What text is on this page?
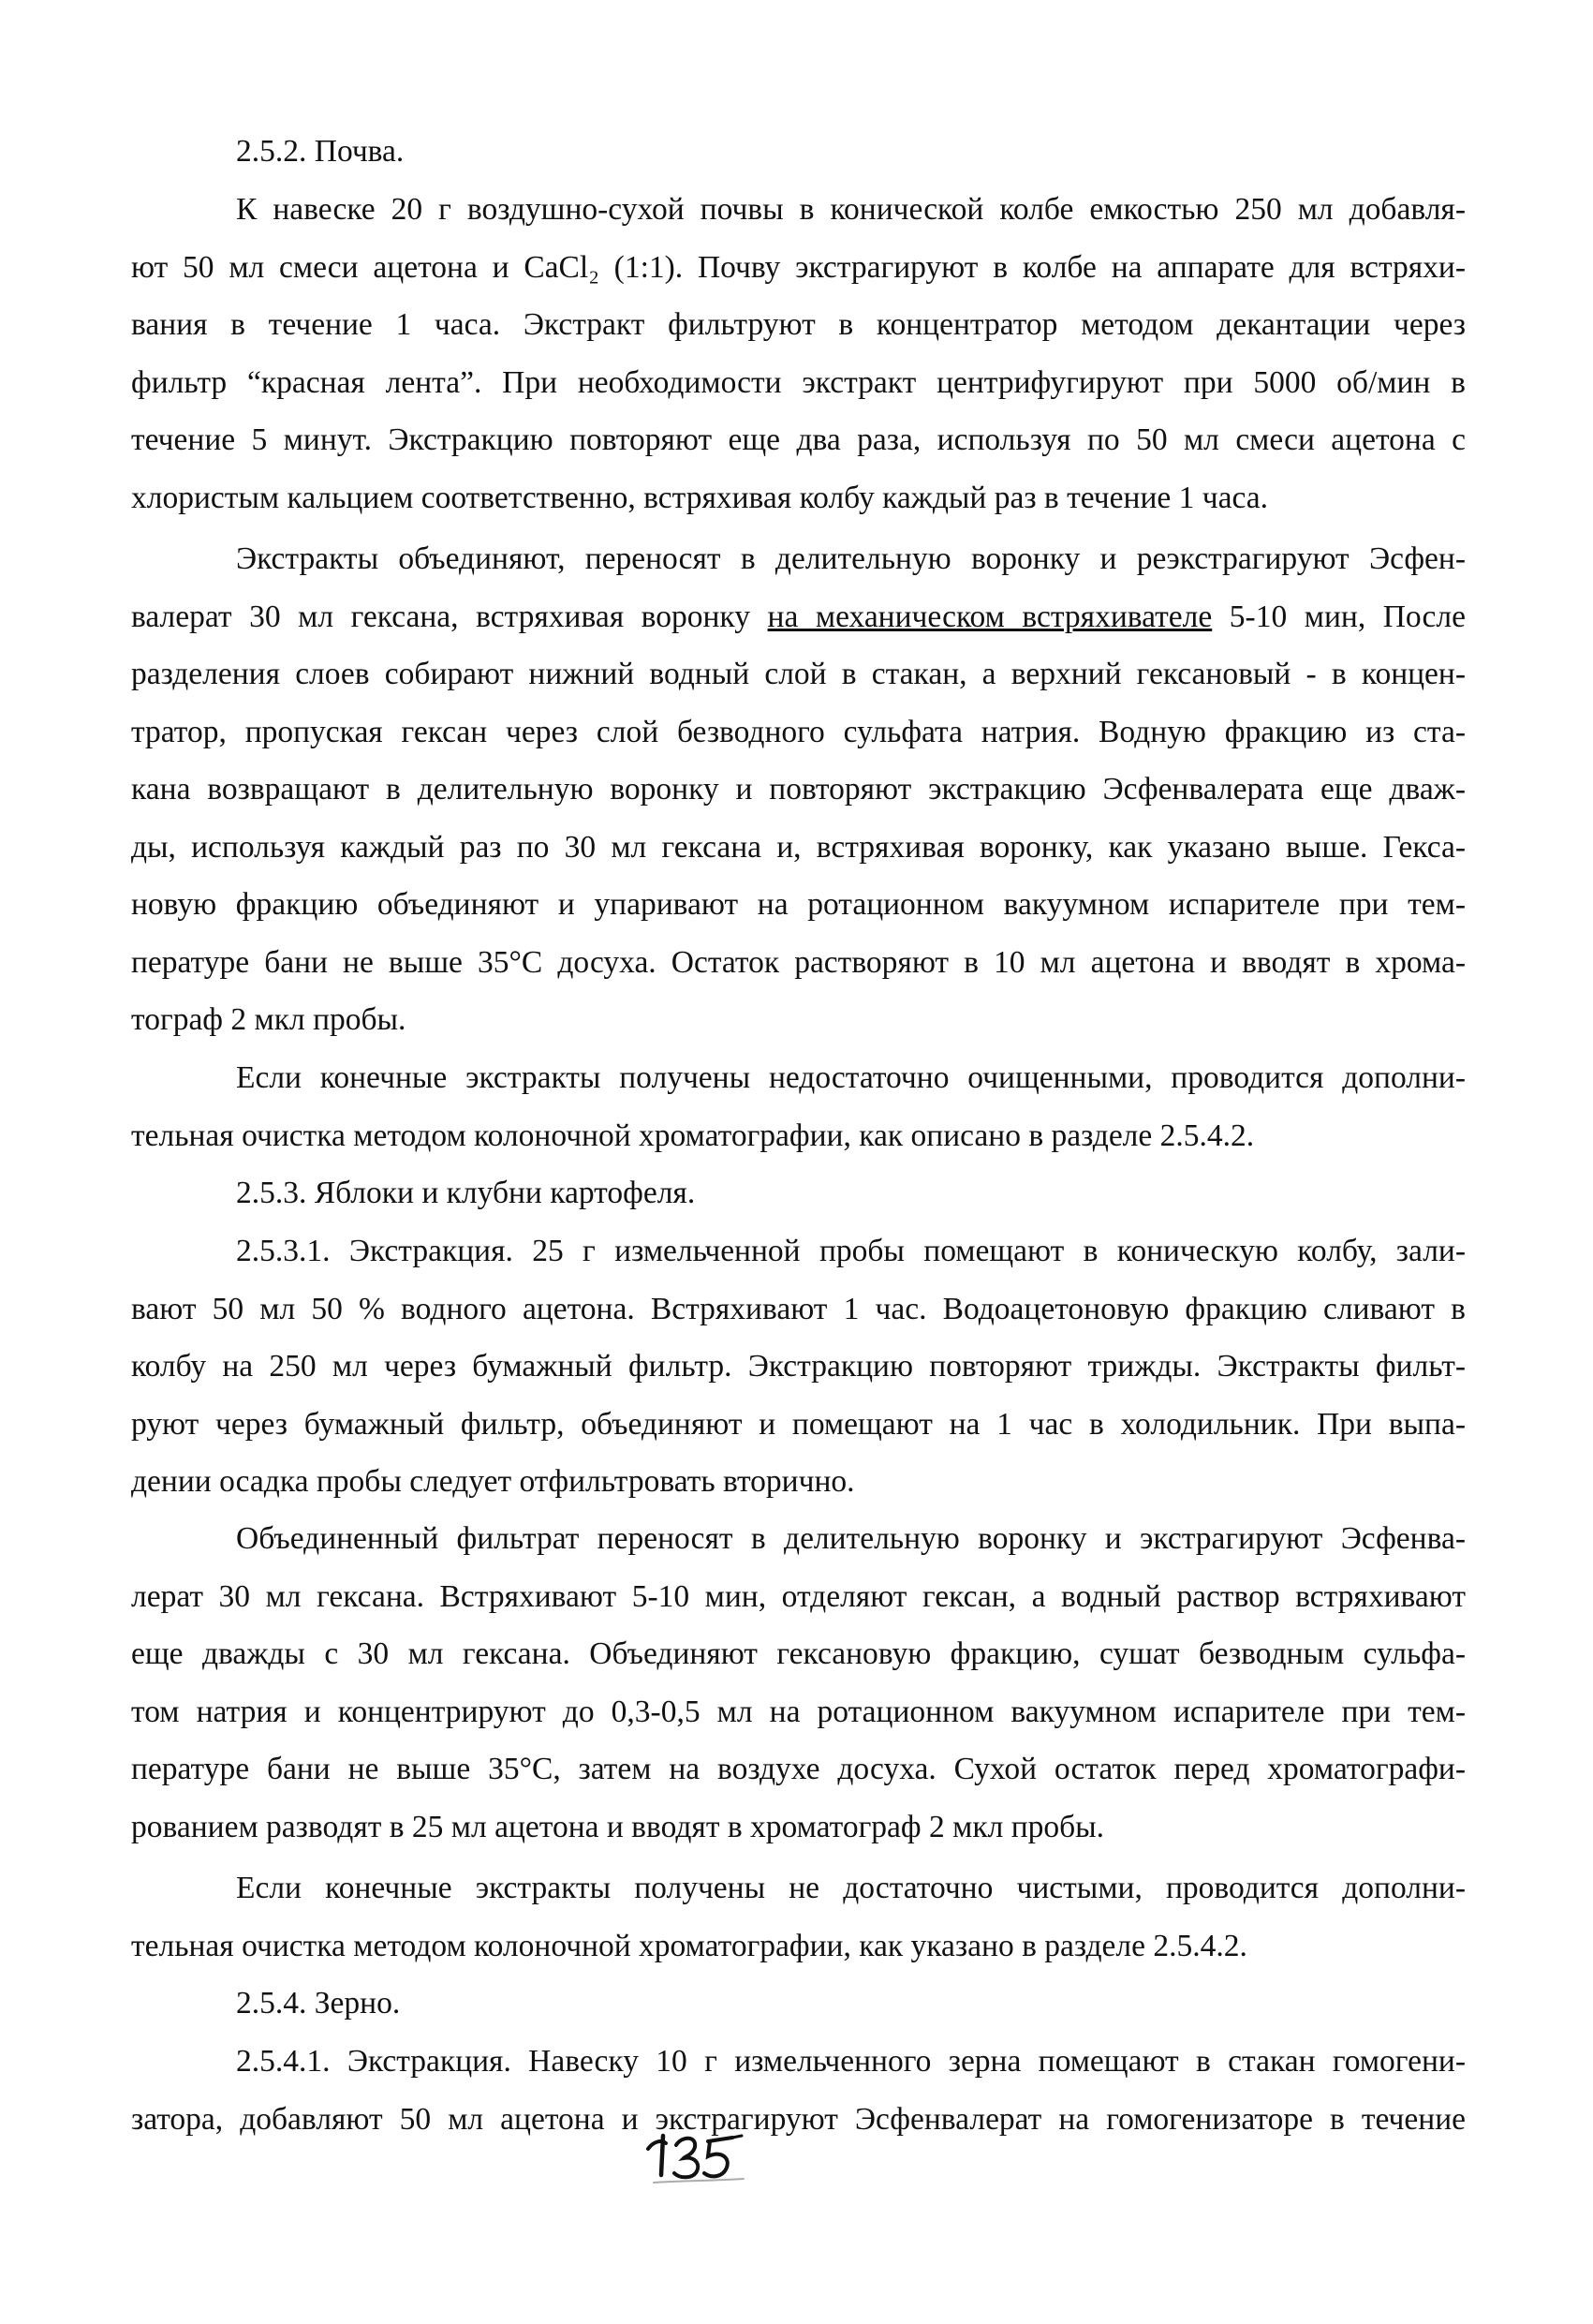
2.5.2. Почва.

К навеске 20 г воздушно-сухой почвы в конической колбе емкостью 250 мл добавля-

ют 50 мл смеси ацетона и CaCl₂ (1:1). Почву экстрагируют в колбе на аппарате для встряхи-

вания в течение 1 часа. Экстракт фильтруют в концентратор методом декантации через

фильтр “красная лента”. При необходимости экстракт центрифугируют при 5000 об/мин в

течение 5 минут. Экстракцию повторяют еще два раза, используя по 50 мл смеси ацетона с

хлористым кальцием соответственно, встряхивая колбу каждый раз в течение 1 часа.

Экстракты объединяют, переносят в делительную воронку и реэкстрагируют Эсфен-

валерат 30 мл гексана, встряхивая воронку на механическом встряхивателе 5-10 мин, После

разделения слоев собирают нижний водный слой в стакан, а верхний гексановый - в концен-

тратор, пропуская гексан через слой безводного сульфата натрия. Водную фракцию из ста-

кана возвращают в делительную воронку и повторяют экстракцию Эсфенвалерата еще дваж-

ды, используя каждый раз по 30 мл гексана и, встряхивая воронку, как указано выше. Гекса-

новую фракцию объединяют и упаривают на ротационном вакуумном испарителе при тем-

пературе бани не выше 35°С досуха. Остаток растворяют в 10 мл ацетона и вводят в хрома-

тограф 2 мкл пробы.

Если конечные экстракты получены недостаточно очищенными, проводится дополни-

тельная очистка методом колоночной хроматографии, как описано в разделе 2.5.4.2.

2.5.3. Яблоки и клубни картофеля.

2.5.3.1. Экстракция. 25 г измельченной пробы помещают в коническую колбу, зали-

вают 50 мл 50 % водного ацетона. Встряхивают 1 час. Водоацетоновую фракцию сливают в

колбу на 250 мл через бумажный фильтр. Экстракцию повторяют трижды. Экстракты фильт-

руют через бумажный фильтр, объединяют и помещают на 1 час в холодильник. При выпа-

дении осадка пробы следует отфильтровать вторично.

Объединенный фильтрат переносят в делительную воронку и экстрагируют Эсфенва-

лерат 30 мл гексана. Встряхивают 5-10 мин, отделяют гексан, а водный раствор встряхивают

еще дважды с 30 мл гексана. Объединяют гексановую фракцию, сушат безводным сульфа-

том натрия и концентрируют до 0,3-0,5 мл на ротационном вакуумном испарителе при тем-

пературе бани не выше 35°С, затем на воздухе досуха. Сухой остаток перед хроматографи-

рованием разводят в 25 мл ацетона и вводят в хроматограф 2 мкл пробы.

Если конечные экстракты получены не достаточно чистыми, проводится дополни-

тельная очистка методом колоночной хроматографии, как указано в разделе 2.5.4.2.

2.5.4. Зерно.

2.5.4.1. Экстракция. Навеску 10 г измельченного зерна помещают в стакан гомогени-

затора, добавляют 50 мл ацетона и экстрагируют Эсфенвалерат на гомогенизаторе в течение
